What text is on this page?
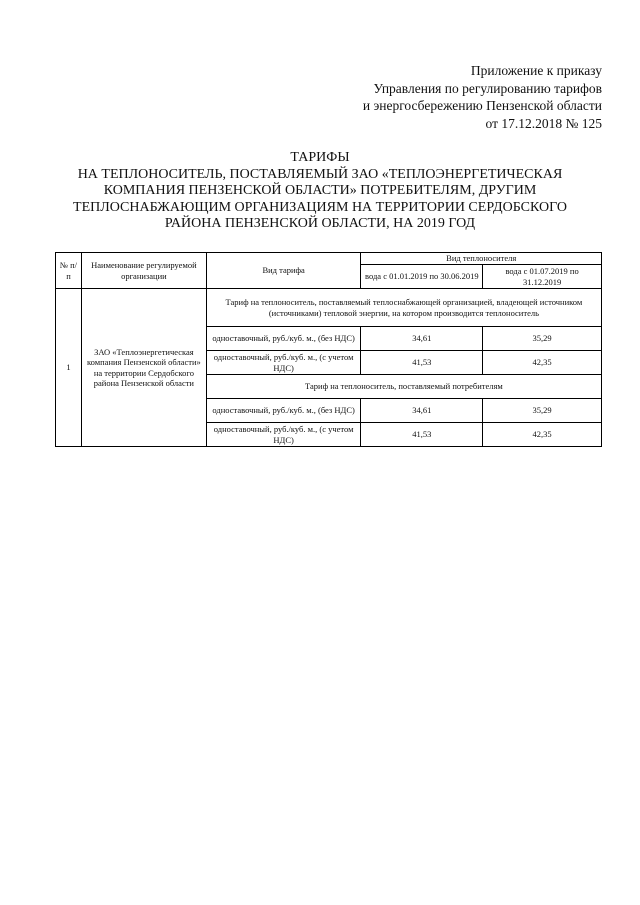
Приложение к приказу
Управления по регулированию тарифов
и энергосбережению Пензенской области
от 17.12.2018 № 125
ТАРИФЫ
НА ТЕПЛОНОСИТЕЛЬ, ПОСТАВЛЯЕМЫЙ ЗАО «ТЕПЛОЭНЕРГЕТИЧЕСКАЯ
КОМПАНИЯ ПЕНЗЕНСКОЙ ОБЛАСТИ» ПОТРЕБИТЕЛЯМ, ДРУГИМ
ТЕПЛОСНАБЖАЮЩИМ ОРГАНИЗАЦИЯМ НА ТЕРРИТОРИИ СЕРДОБСКОГО
РАЙОНА ПЕНЗЕНСКОЙ ОБЛАСТИ, НА 2019 ГОД
№ п/п	Наименование регулируемой организации	Вид тарифа	Вид теплоносителя	
			вода с 01.01.2019 по 30.06.2019	вода с 01.07.2019 по 31.12.2019
1	ЗАО «Теплоэнергетическая компания Пензенской области» на территории Сердобского района Пензенской области	Тариф на теплоноситель, поставляемый теплоснабжающей организацией, владеющей источником (источниками) тепловой энергии, на котором производится теплоноситель		
		одноставочный, руб./куб. м., (без НДС)	34,61	35,29
		одноставочный, руб./куб. м., (с учетом НДС)	41,53	42,35
		Тариф на теплоноситель, поставляемый потребителям		
		одноставочный, руб./куб. м., (без НДС)	34,61	35,29
		одноставочный, руб./куб. м., (с учетом НДС)	41,53	42,35
